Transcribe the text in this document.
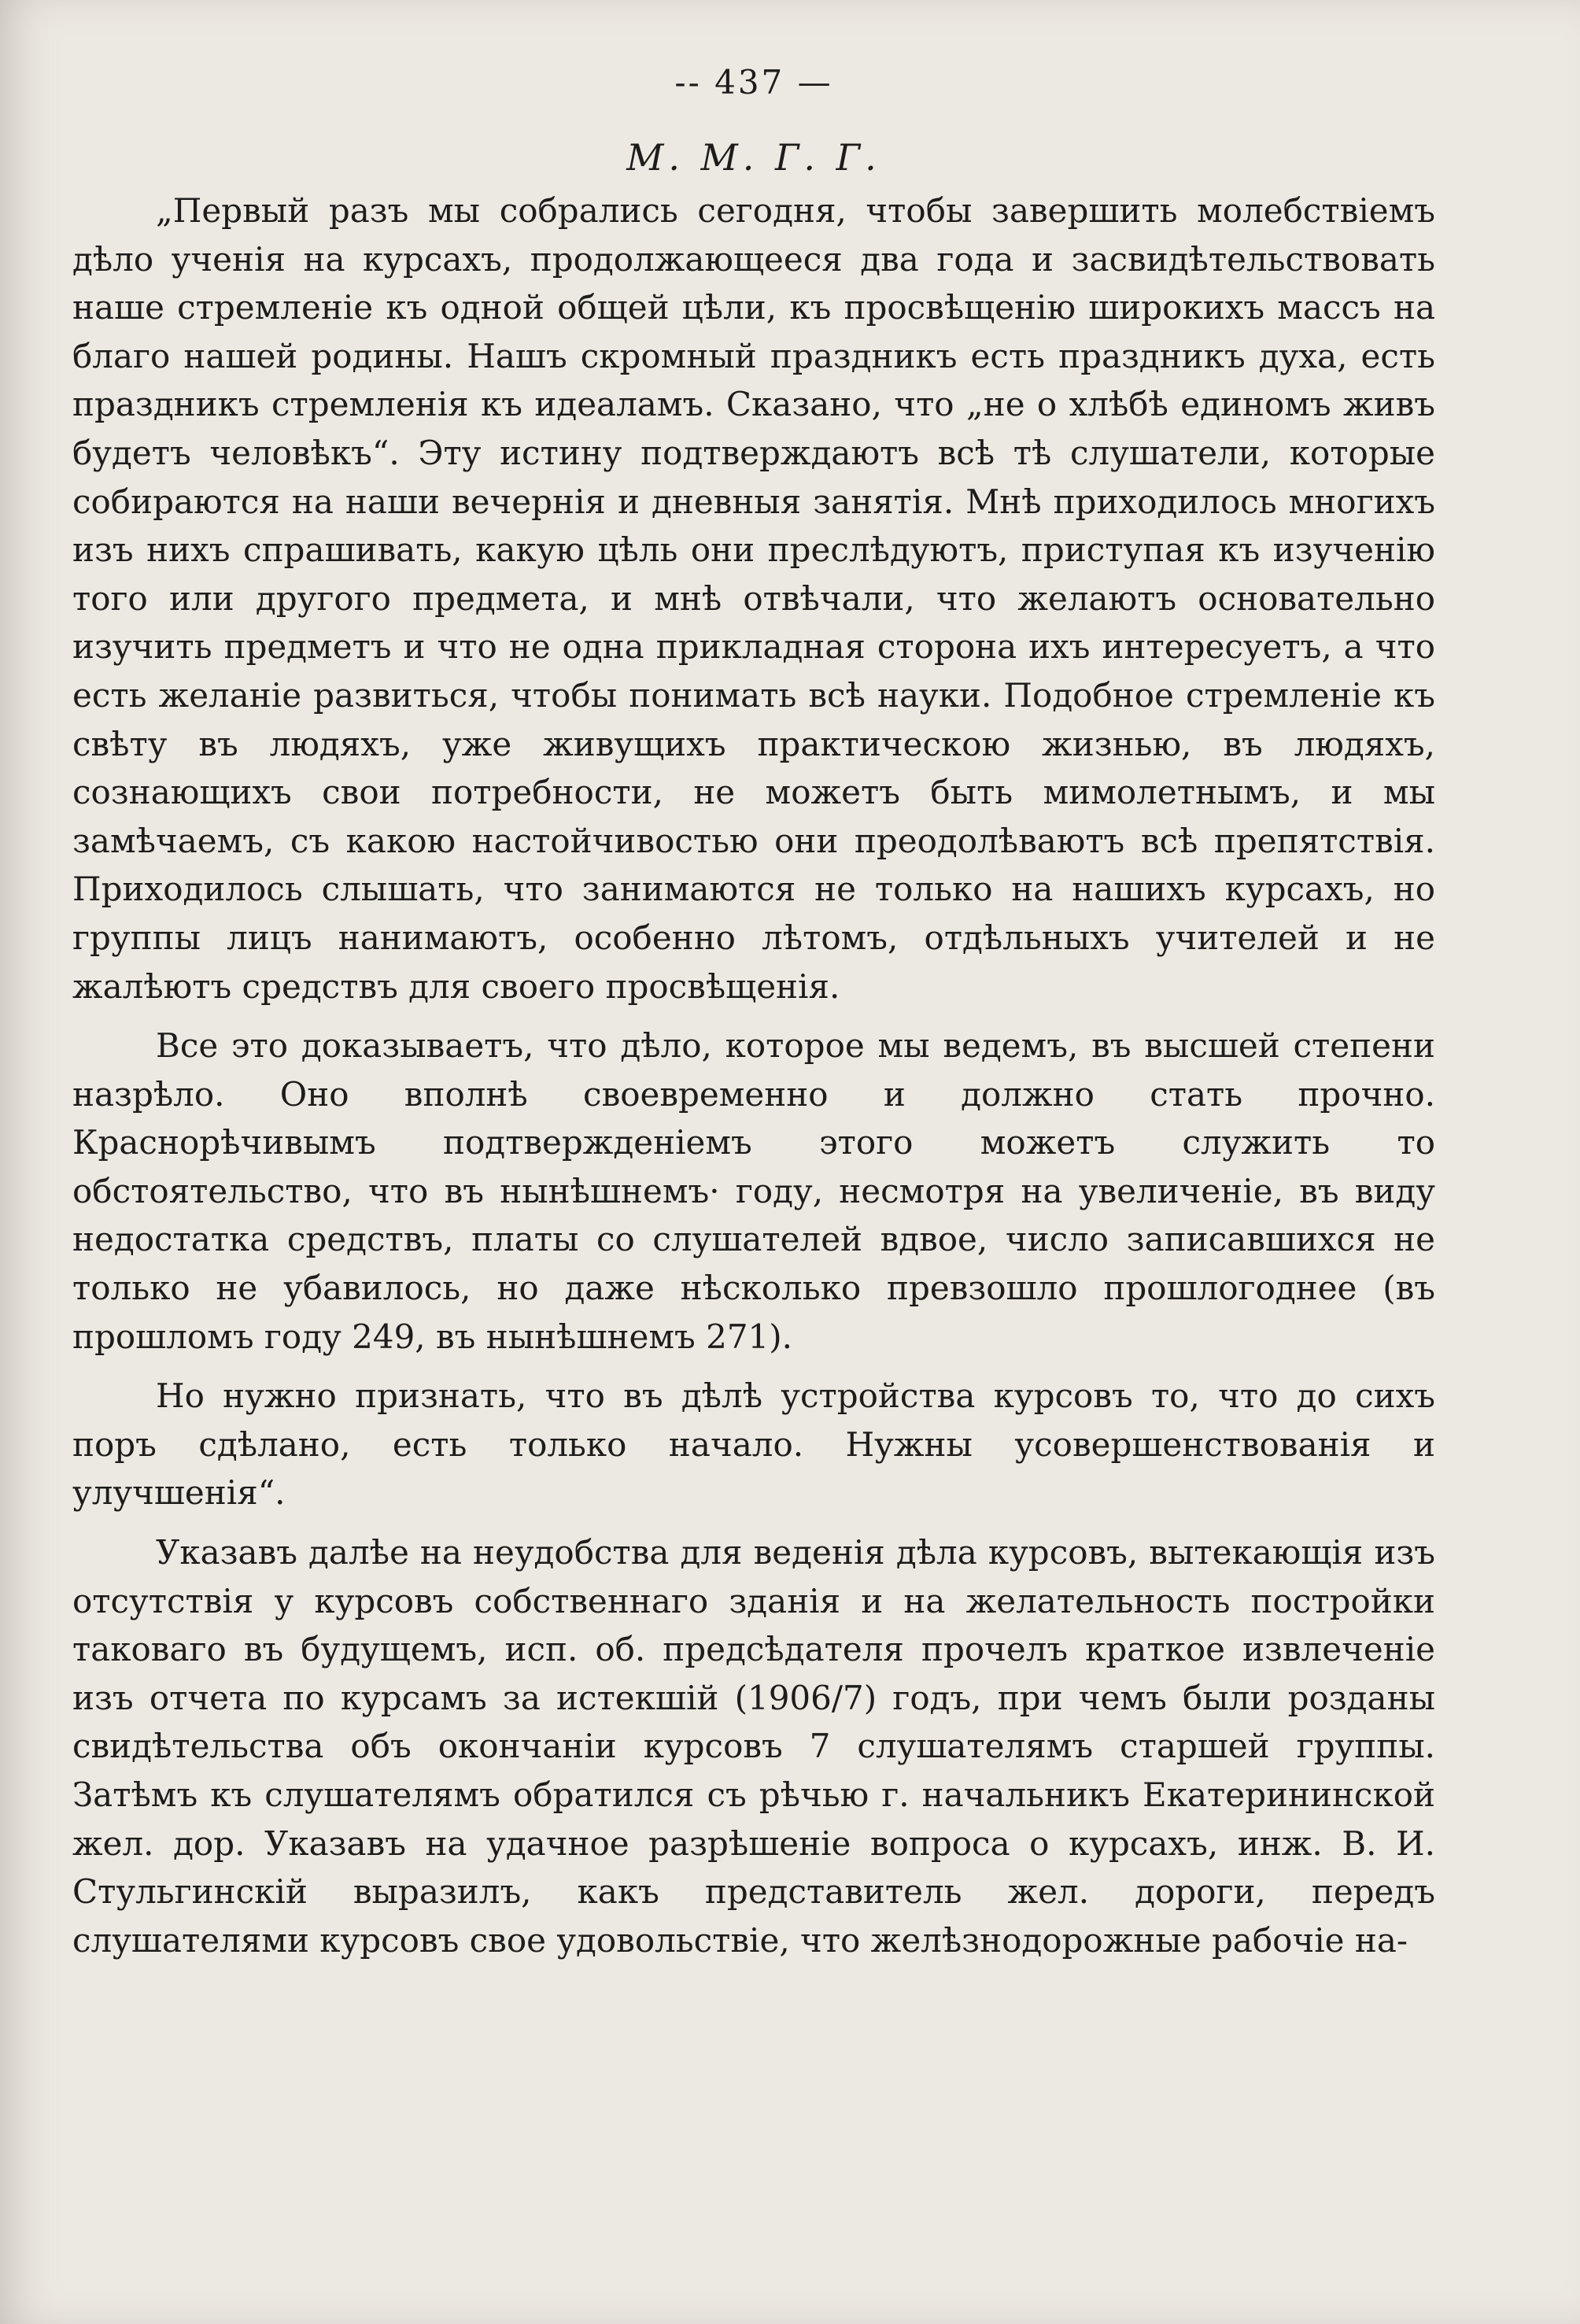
-- 437 —
М. М. Г. Г.

„Первый разъ мы собрались сегодня, чтобы завершить молебствіемъ дѣло ученія на курсахъ, продолжающееся два года и засвидѣтельствовать наше стремленіе къ одной общей цѣли, къ просвѣщенію широкихъ массъ на благо нашей родины. Нашъ скромный праздникъ есть праздникъ духа, есть праздникъ стремленія къ идеаламъ. Сказано, что „не о хлѣбѣ единомъ живъ будетъ человѣкъ“. Эту истину подтверждаютъ всѣ тѣ слушатели, которые собираются на наши вечернія и дневныя занятія. Мнѣ приходилось многихъ изъ нихъ спрашивать, какую цѣль они преслѣдуютъ, приступая къ изученію того или другого предмета, и мнѣ отвѣчали, что желаютъ основательно изучить предметъ и что не одна прикладная сторона ихъ интересуетъ, а что есть желаніе развиться, чтобы понимать всѣ науки. Подобное стремленіе къ свѣту въ людяхъ, уже живущихъ практическою жизнью, въ людяхъ, сознающихъ свои потребности, не можетъ быть мимолетнымъ, и мы замѣчаемъ, съ какою настойчивостью они преодолѣваютъ всѣ препятствія. Приходилось слышать, что занимаются не только на нашихъ курсахъ, но группы лицъ нанимаютъ, особенно лѣтомъ, отдѣльныхъ учителей и не жалѣютъ средствъ для своего просвѣщенія.

Все это доказываетъ, что дѣло, которое мы ведемъ, въ высшей степени назрѣло. Оно вполнѣ своевременно и должно стать прочно. Краснорѣчивымъ подтвержденіемъ этого можетъ служить то обстоятельство, что въ нынѣшнемъ· году, несмотря на увеличеніе, въ виду недостатка средствъ, платы со слушателей вдвое, число записавшихся не только не убавилось, но даже нѣсколько превзошло прошлогоднее (въ прошломъ году 249, въ нынѣшнемъ 271).

Но нужно признать, что въ дѣлѣ устройства курсовъ то, что до сихъ поръ сдѣлано, есть только начало. Нужны усовершенствованія и улучшенія“.

Указавъ далѣе на неудобства для веденія дѣла курсовъ, вытекающія изъ отсутствія у курсовъ собственнаго зданія и на желательность постройки таковаго въ будущемъ, исп. об. предсѣдателя прочелъ краткое извлеченіе изъ отчета по курсамъ за истекшій (1906/7) годъ, при чемъ были розданы свидѣтельства объ окончаніи курсовъ 7 слушателямъ старшей группы. Затѣмъ къ слушателямъ обратился съ рѣчью г. начальникъ Екатерининской жел. дор. Указавъ на удачное разрѣшеніе вопроса о курсахъ, инж. В. И. Стульгинскій выразилъ, какъ представитель жел. дороги, передъ слушателями курсовъ свое удовольствіе, что желѣзнодорожные рабочіе на-
